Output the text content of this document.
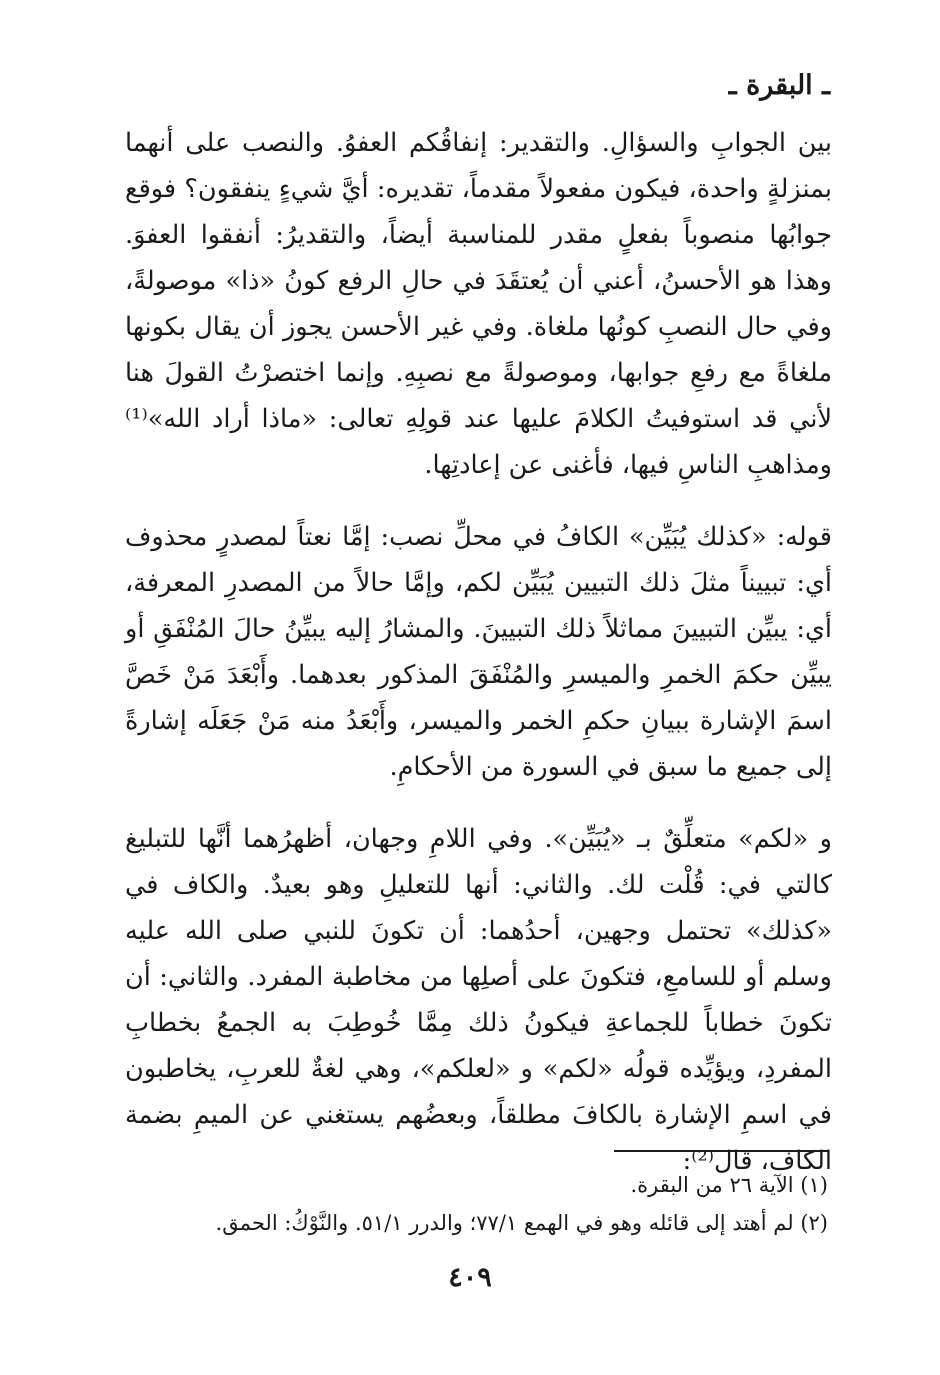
ـ البقرة ـ

بين الجوابِ والسؤالِ. والتقدير: إنفاقُكم العفوُ. والنصب على أنهما بمنزلةٍ واحدة، فيكون مفعولاً مقدماً، تقديره: أيَّ شيءٍ ينفقون؟ فوقع جوابُها منصوباً بفعلٍ مقدر للمناسبة أيضاً، والتقديرُ: أنفقوا العفوَ. وهذا هو الأحسنُ، أعني أن يُعتقَدَ في حالِ الرفع كونُ «ذا» موصولةً، وفي حال النصبِ كونُها ملغاة. وفي غير الأحسن يجوز أن يقال بكونها ملغاةً مع رفعِ جوابها، وموصولةً مع نصبِهِ. وإنما اختصرْتُ القولَ هنا لأني قد استوفيتُ الكلامَ عليها عند قولِهِ تعالى: «ماذا أراد الله»⁽¹⁾ ومذاهبِ الناسِ فيها، فأغنى عن إعادتِها.

قوله: «كذلك يُبَيِّن» الكافُ في محلِّ نصب: إمَّا نعتاً لمصدرٍ محذوف أي: تبييناً مثلَ ذلك التبيين يُبَيِّن لكم، وإمَّا حالاً من المصدرِ المعرفة، أي: يبيِّن التبيينَ مماثلاً ذلك التبيينَ. والمشارُ إليه يبيِّنُ حالَ المُنْفَقِ أو يبيِّن حكمَ الخمرِ والميسرِ والمُنْفَقَ المذكور بعدهما. وأَبْعَدَ مَنْ خَصَّ اسمَ الإشارة ببيانِ حكمِ الخمر والميسر، وأَبْعَدُ منه مَنْ جَعَلَه إشارةً إلى جميع ما سبق في السورة من الأحكامِ.

و «لكم» متعلِّقٌ بـ «يُبَيِّن». وفي اللامِ وجهان، أظهرُهما أنَّها للتبليغ كالتي في: قُلْت لك. والثاني: أنها للتعليلِ وهو بعيدٌ. والكاف في «كذلك» تحتمل وجهين، أحدُهما: أن تكونَ للنبي صلى الله عليه وسلم أو للسامعِ، فتكونَ على أصلِها من مخاطبة المفرد. والثاني: أن تكونَ خطاباً للجماعةِ فيكونُ ذلك مِمَّا خُوطِبَ به الجمعُ بخطابِ المفردِ، ويؤيِّده قولُه «لكم» و «لعلكم»، وهي لغةٌ للعربِ، يخاطبون في اسمِ الإشارة بالكافَ مطلقاً، وبعضُهم يستغني عن الميمِ بضمة الكاف، قال⁽²⁾:

(١) الآية ٢٦ من البقرة.

(٢) لم أهتد إلى قائله وهو في الهمع ٧٧/١؛ والدرر ٥١/١. والنَّوْكُ: الحمق.

٤٠٩
